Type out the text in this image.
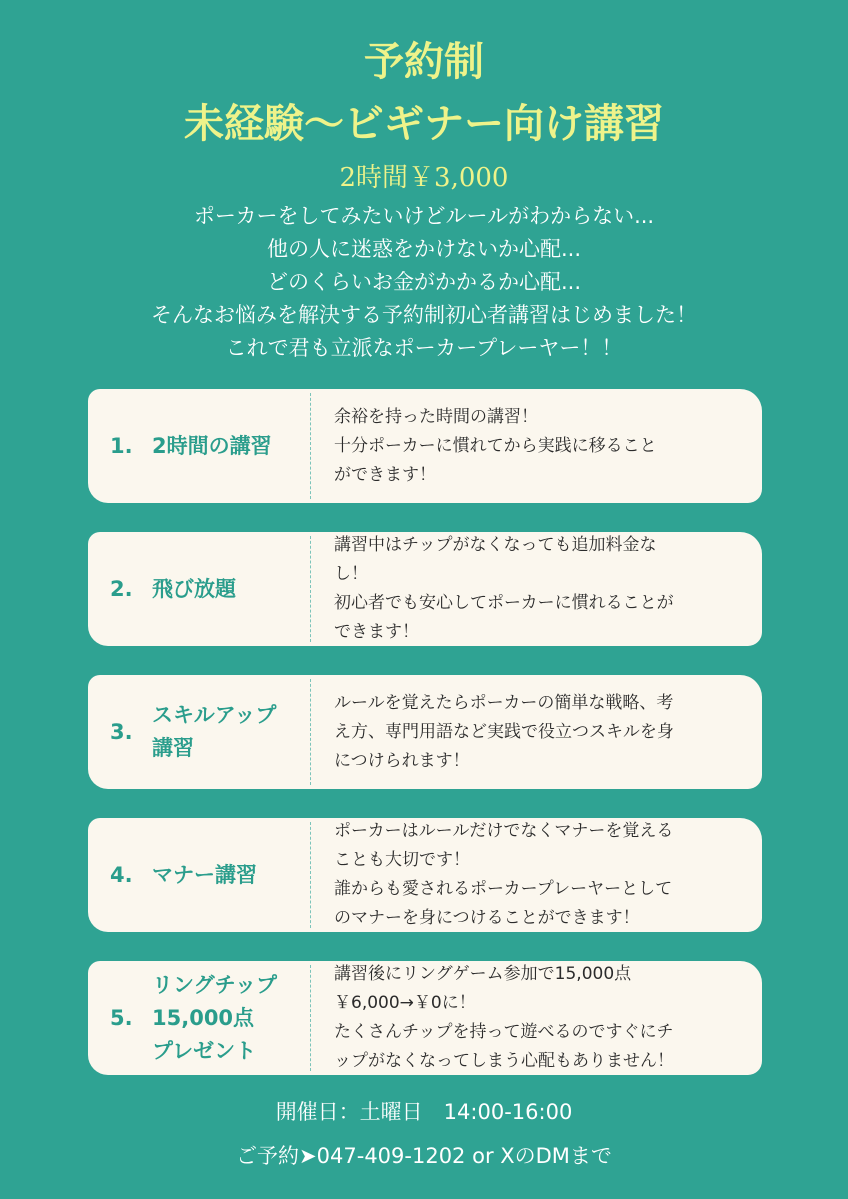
予約制
未経験〜ビギナー向け講習
2時間￥3,000
ポーカーをしてみたいけどルールがわからない...
他の人に迷惑をかけないか心配...
どのくらいお金がかかるか心配...
そんなお悩みを解決する予約制初心者講習はじめました！
これで君も立派なポーカープレーヤー！！
1. 2時間の講習
余裕を持った時間の講習！
十分ポーカーに慣れてから実践に移ること
ができます！
2. 飛び放題
講習中はチップがなくなっても追加料金な
し！
初心者でも安心してポーカーに慣れることが
できます！
3.
スキルアップ
講習
ルールを覚えたらポーカーの簡単な戦略、考
え方、専門用語など実践で役立つスキルを身
につけられます！
4. マナー講習
ポーカーはルールだけでなくマナーを覚える
ことも大切です！
誰からも愛されるポーカープレーヤーとして
のマナーを身につけることができます！
5.
リングチップ
15,000点
プレゼント
講習後にリングゲーム参加で15,000点
￥6,000→￥0に！
たくさんチップを持って遊べるのですぐにチ
ップがなくなってしまう心配もありません！
開催日：土曜日　14:00-16:00
ご予約➤047-409-1202 or XのDMまで
